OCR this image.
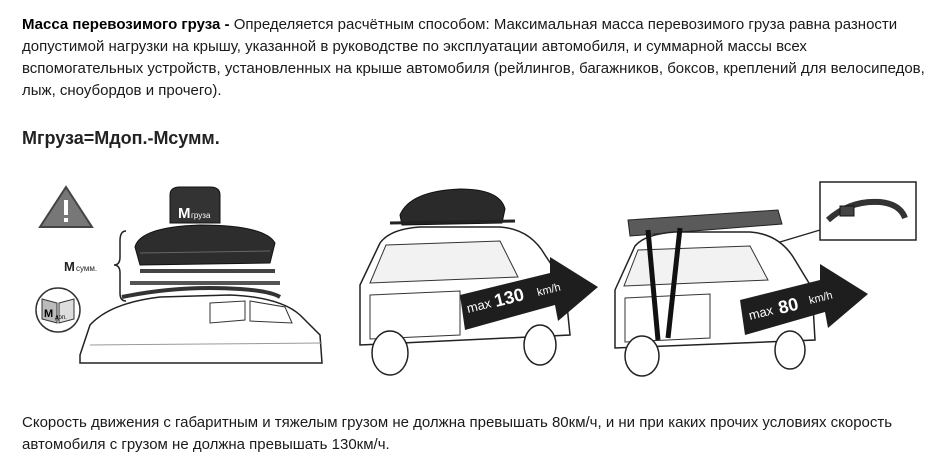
Масса перевозимого груза - Определяется расчётным способом: Максимальная масса перевозимого груза равна разности допустимой нагрузки на крышу, указанной в руководстве по эксплуатации автомобиля, и суммарной массы всех вспомогательных устройств, установленных на крыше автомобиля (рейлингов, багажников, боксов, креплений для велосипедов, лыж, сноубордов и прочего).
Мгруза=Мдоп.-Мсумм.
М груза
М сумм.
М доп.
max 130 km/h
max 80 km/h
Скорость движения с габаритным и тяжелым грузом не должна превышать 80км/ч, и ни при каких прочих условиях скорость автомобиля с грузом не должна превышать 130км/ч.
